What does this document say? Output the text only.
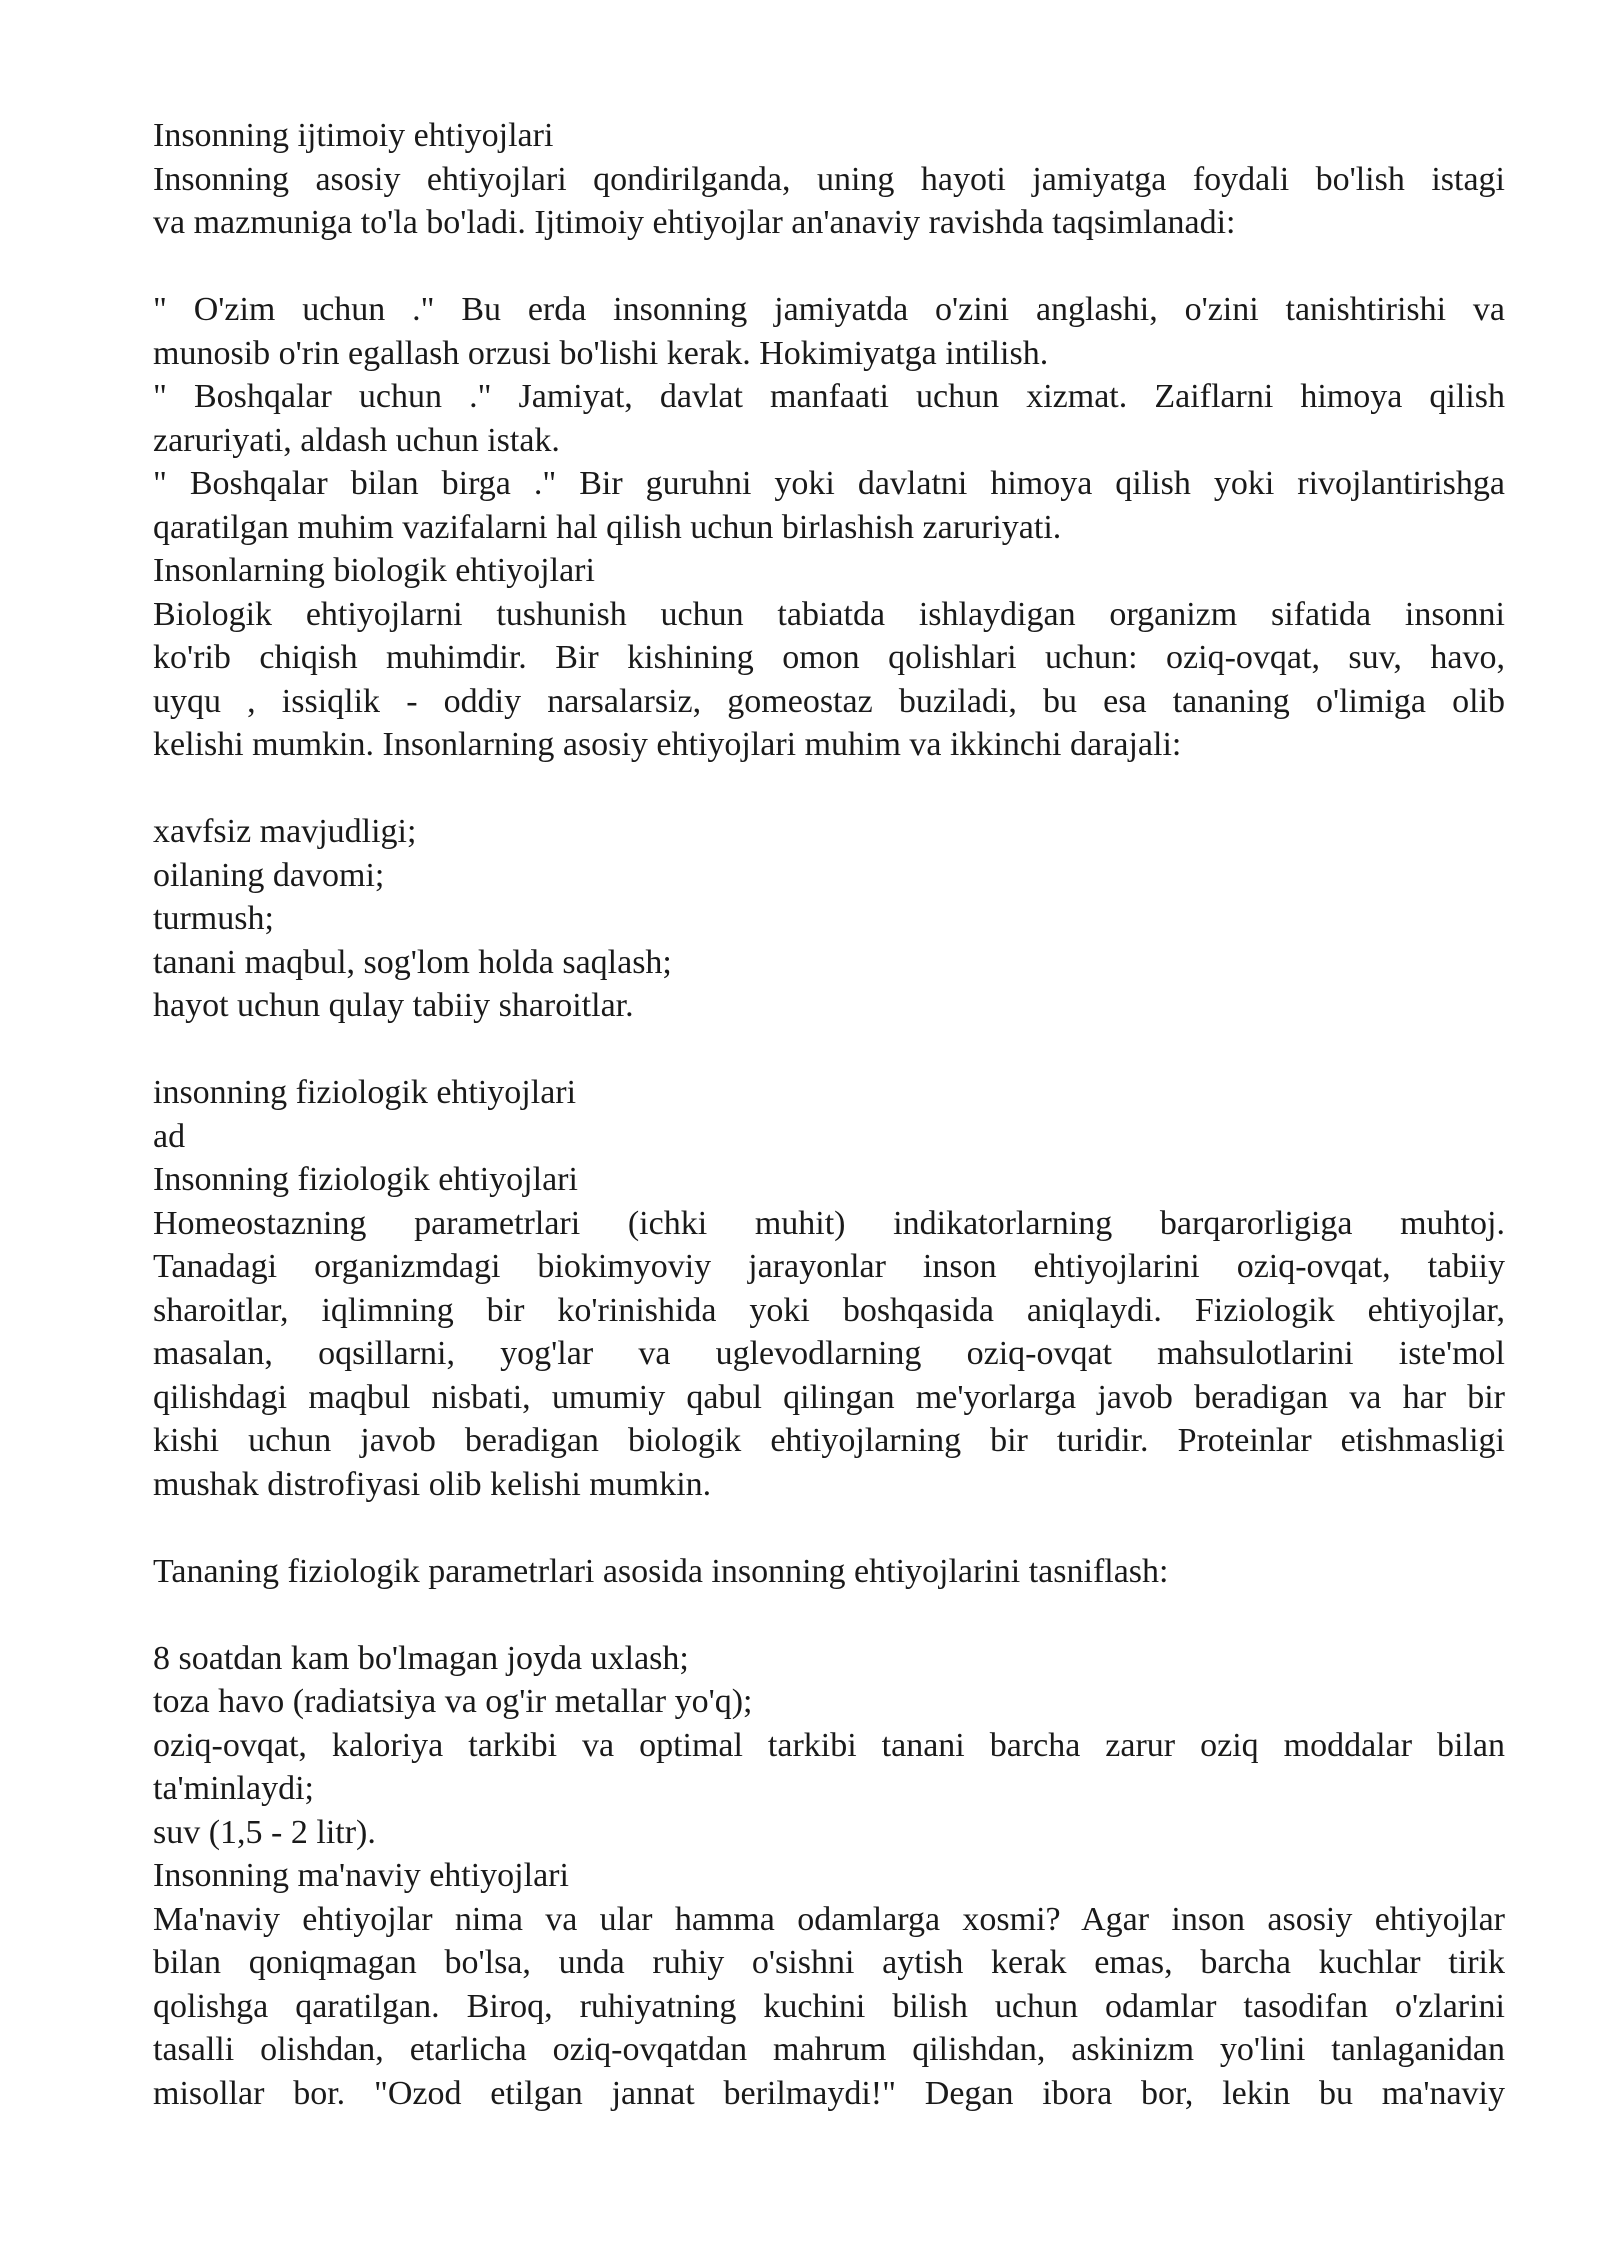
Insonning ijtimoiy ehtiyojlari
Insonning asosiy ehtiyojlari qondirilganda, uning hayoti jamiyatga foydali bo'lish istagi
va mazmuniga to'la bo'ladi. Ijtimoiy ehtiyojlar an'anaviy ravishda taqsimlanadi:
" O'zim uchun ." Bu erda insonning jamiyatda o'zini anglashi, o'zini tanishtirishi va
munosib o'rin egallash orzusi bo'lishi kerak. Hokimiyatga intilish.
" Boshqalar uchun ." Jamiyat, davlat manfaati uchun xizmat. Zaiflarni himoya qilish
zaruriyati, aldash uchun istak.
" Boshqalar bilan birga ." Bir guruhni yoki davlatni himoya qilish yoki rivojlantirishga
qaratilgan muhim vazifalarni hal qilish uchun birlashish zaruriyati.
Insonlarning biologik ehtiyojlari
Biologik ehtiyojlarni tushunish uchun tabiatda ishlaydigan organizm sifatida insonni
ko'rib chiqish muhimdir. Bir kishining omon qolishlari uchun: oziq-ovqat, suv, havo,
uyqu , issiqlik - oddiy narsalarsiz, gomeostaz buziladi, bu esa tananing o'limiga olib
kelishi mumkin. Insonlarning asosiy ehtiyojlari muhim va ikkinchi darajali:
xavfsiz mavjudligi;
oilaning davomi;
turmush;
tanani maqbul, sog'lom holda saqlash;
hayot uchun qulay tabiiy sharoitlar.
insonning fiziologik ehtiyojlari
ad
Insonning fiziologik ehtiyojlari
Homeostazning parametrlari (ichki muhit) indikatorlarning barqarorligiga muhtoj.
Tanadagi organizmdagi biokimyoviy jarayonlar inson ehtiyojlarini oziq-ovqat, tabiiy
sharoitlar, iqlimning bir ko'rinishida yoki boshqasida aniqlaydi. Fiziologik ehtiyojlar,
masalan, oqsillarni, yog'lar va uglevodlarning oziq-ovqat mahsulotlarini iste'mol
qilishdagi maqbul nisbati, umumiy qabul qilingan me'yorlarga javob beradigan va har bir
kishi uchun javob beradigan biologik ehtiyojlarning bir turidir. Proteinlar etishmasligi
mushak distrofiyasi olib kelishi mumkin.
Tananing fiziologik parametrlari asosida insonning ehtiyojlarini tasniflash:
8 soatdan kam bo'lmagan joyda uxlash;
toza havo (radiatsiya va og'ir metallar yo'q);
oziq-ovqat, kaloriya tarkibi va optimal tarkibi tanani barcha zarur oziq moddalar bilan
ta'minlaydi;
suv (1,5 - 2 litr).
Insonning ma'naviy ehtiyojlari
Ma'naviy ehtiyojlar nima va ular hamma odamlarga xosmi? Agar inson asosiy ehtiyojlar
bilan qoniqmagan bo'lsa, unda ruhiy o'sishni aytish kerak emas, barcha kuchlar tirik
qolishga qaratilgan. Biroq, ruhiyatning kuchini bilish uchun odamlar tasodifan o'zlarini
tasalli olishdan, etarlicha oziq-ovqatdan mahrum qilishdan, askinizm yo'lini tanlaganidan
misollar bor. "Ozod etilgan jannat berilmaydi!" Degan ibora bor, lekin bu ma'naviy
